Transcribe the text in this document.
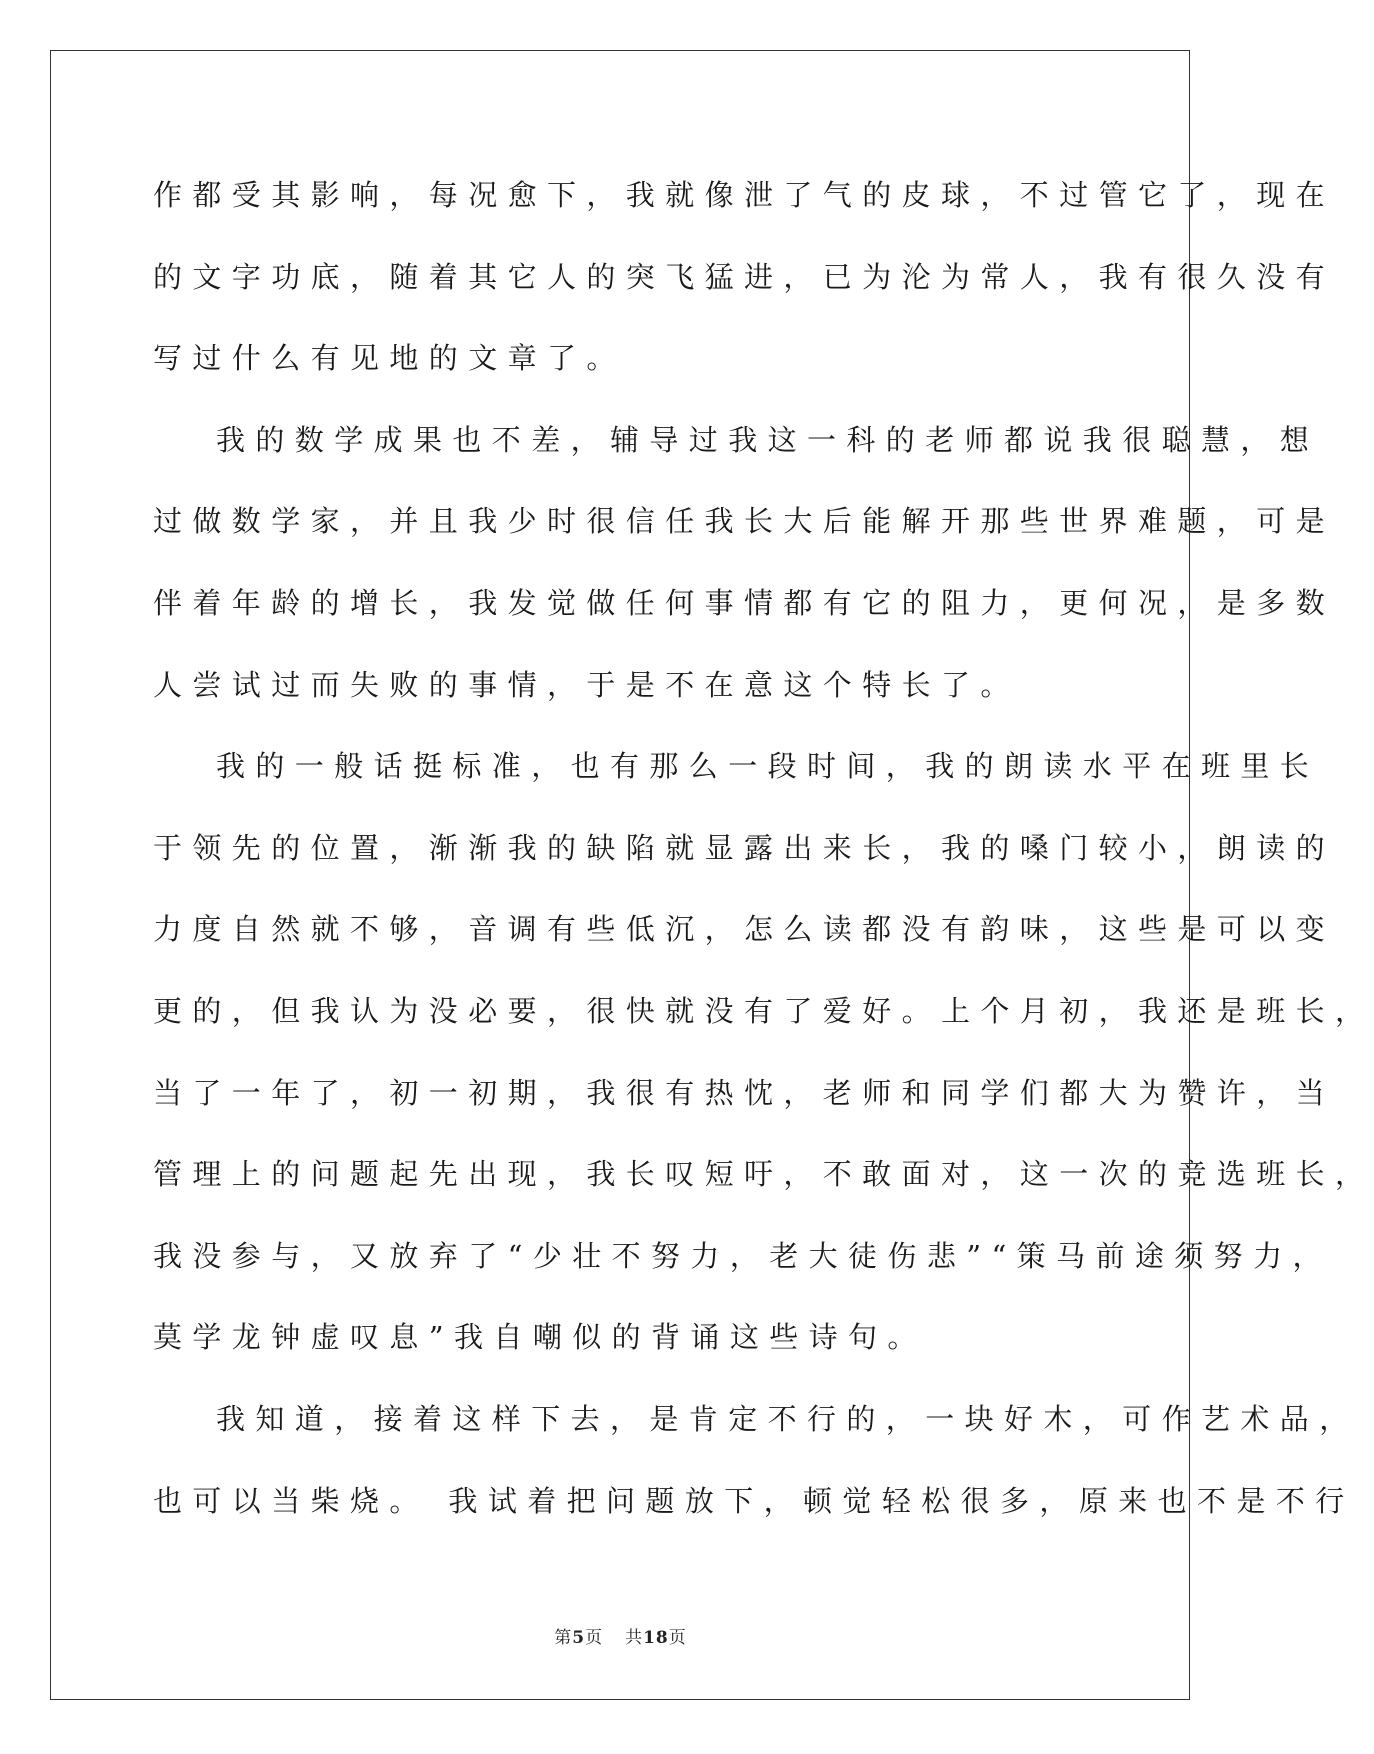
作都受其影响，每况愈下，我就像泄了气的皮球，不过管它了，现在
的文字功底，随着其它人的突飞猛进，已为沦为常人，我有很久没有
写过什么有见地的文章了。
我的数学成果也不差，辅导过我这一科的老师都说我很聪慧，想
过做数学家，并且我少时很信任我长大后能解开那些世界难题，可是
伴着年龄的增长，我发觉做任何事情都有它的阻力，更何况，是多数
人尝试过而失败的事情，于是不在意这个特长了。
我的一般话挺标准，也有那么一段时间，我的朗读水平在班里长
于领先的位置，渐渐我的缺陷就显露出来长，我的嗓门较小，朗读的
力度自然就不够，音调有些低沉，怎么读都没有韵味，这些是可以变
更的，但我认为没必要，很快就没有了爱好。上个月初，我还是班长，
当了一年了，初一初期，我很有热忱，老师和同学们都大为赞许，当
管理上的问题起先出现，我长叹短吁，不敢面对，这一次的竞选班长，
我没参与，又放弃了“少壮不努力，老大徒伤悲”“策马前途须努力，
莫学龙钟虚叹息”我自嘲似的背诵这些诗句。
我知道，接着这样下去，是肯定不行的，一块好木，可作艺术品，
也可以当柴烧。 我试着把问题放下，顿觉轻松很多，原来也不是不行
第5页 共18页
